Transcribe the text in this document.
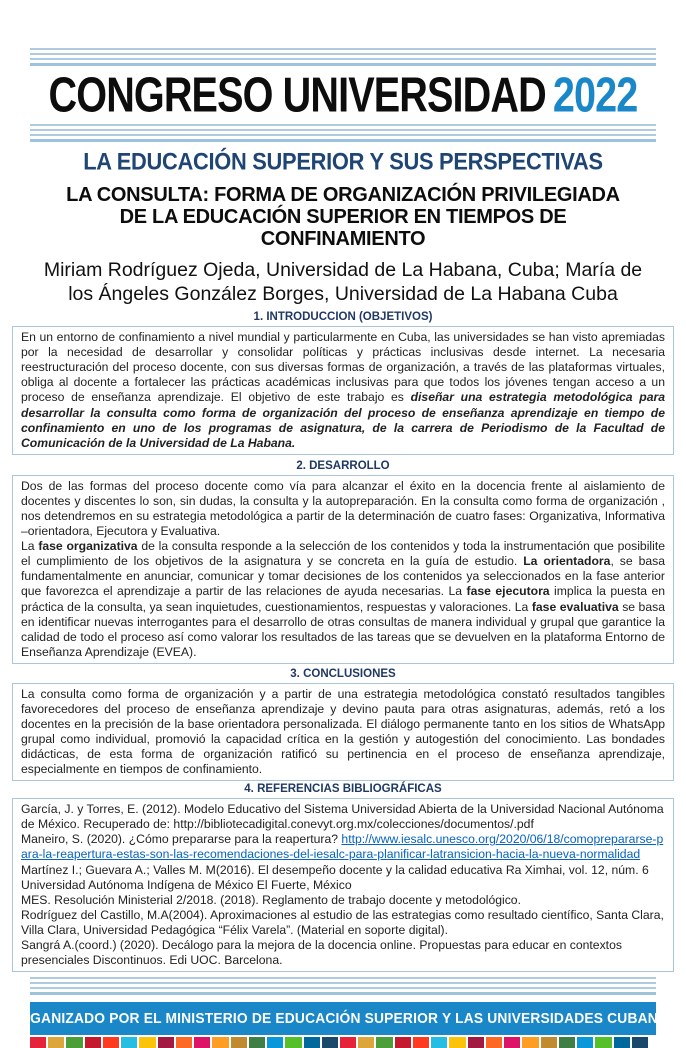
CONGRESO UNIVERSIDAD 2022
LA EDUCACIÓN SUPERIOR Y SUS PERSPECTIVAS
LA CONSULTA: FORMA DE ORGANIZACIÓN PRIVILEGIADA DE LA EDUCACIÓN SUPERIOR EN TIEMPOS DE CONFINAMIENTO
Miriam Rodríguez Ojeda, Universidad de La Habana, Cuba; María de los Ángeles González Borges, Universidad de La Habana Cuba
1. INTRODUCCION (OBJETIVOS)

En un entorno de confinamiento a nivel mundial y particularmente en Cuba, las universidades se han visto apremiadas por la necesidad de desarrollar y consolidar políticas y prácticas inclusivas desde internet. La necesaria reestructuración del proceso docente, con sus diversas formas de organización, a través de las plataformas virtuales, obliga al docente a fortalecer las prácticas académicas inclusivas para que todos los jóvenes tengan acceso a un proceso de enseñanza aprendizaje. El objetivo de este trabajo es diseñar una estrategia metodológica para desarrollar la consulta como forma de organización del proceso de enseñanza aprendizaje en tiempo de confinamiento en uno de los programas de asignatura, de la carrera de Periodismo de la Facultad de Comunicación de la Universidad de La Habana.

2. DESARROLLO

Dos de las formas del proceso docente como vía para alcanzar el éxito en la docencia frente al aislamiento de docentes y discentes lo son, sin dudas, la consulta y la autopreparación. En la consulta como forma de organización , nos detendremos en su estrategia metodológica a partir de la determinación de cuatro fases: Organizativa, Informativa –orientadora, Ejecutora y Evaluativa.

La fase organizativa de la consulta responde a la selección de los contenidos y toda la instrumentación que posibilite el cumplimiento de los objetivos de la asignatura y se concreta en la guía de estudio. La orientadora, se basa fundamentalmente en anunciar, comunicar y tomar decisiones de los contenidos ya seleccionados en la fase anterior que favorezca el aprendizaje a partir de las relaciones de ayuda necesarias. La fase ejecutora implica la puesta en práctica de la consulta, ya sean inquietudes, cuestionamientos, respuestas y valoraciones. La fase evaluativa se basa en identificar nuevas interrogantes para el desarrollo de otras consultas de manera individual y grupal que garantice la calidad de todo el proceso así como valorar los resultados de las tareas que se devuelven en la plataforma Entorno de Enseñanza Aprendizaje (EVEA).

3. CONCLUSIONES

La consulta como forma de organización y a partir de una estrategia metodológica constató resultados tangibles favorecedores del proceso de enseñanza aprendizaje y devino pauta para otras asignaturas, además, retó a los docentes en la precisión de la base orientadora personalizada. El diálogo permanente tanto en los sitios de WhatsApp grupal como individual, promovió la capacidad crítica en la gestión y autogestión del conocimiento. Las bondades didácticas, de esta forma de organización ratificó su pertinencia en el proceso de enseñanza aprendizaje, especialmente en tiempos de confinamiento.

4. REFERENCIAS BIBLIOGRÁFICAS

García, J. y Torres, E. (2012). Modelo Educativo del Sistema Universidad Abierta de la Universidad Nacional Autónoma de México. Recuperado de: http://bibliotecadigital.conevyt.org.mx/colecciones/documentos/.pdf

Maneiro, S. (2020). ¿Cómo prepararse para la reapertura? http://www.iesalc.unesco.org/2020/06/18/comoprepararse-para-la-reapertura-estas-son-las-recomendaciones-del-iesalc-para-planificar-latransicion-hacia-la-nueva-normalidad

Martínez I.; Guevara A.; Valles M. M(2016). El desempeño docente y la calidad educativa Ra Ximhai, vol. 12, núm. 6 Universidad Autónoma Indígena de México El Fuerte, México

MES. Resolución Ministerial 2/2018. (2018). Reglamento de trabajo docente y metodológico.

Rodríguez del Castillo, M.A(2004). Aproximaciones al estudio de las estrategias como resultado científico, Santa Clara, Villa Clara, Universidad Pedagógica “Félix Varela”. (Material en soporte digital).

Sangrá A.(coord.) (2020). Decálogo para la mejora de la docencia online. Propuestas para educar en contextos presenciales Discontinuos. Edi UOC. Barcelona.

ORGANIZADO POR EL MINISTERIO DE EDUCACIÓN SUPERIOR Y LAS UNIVERSIDADES CUBANAS
